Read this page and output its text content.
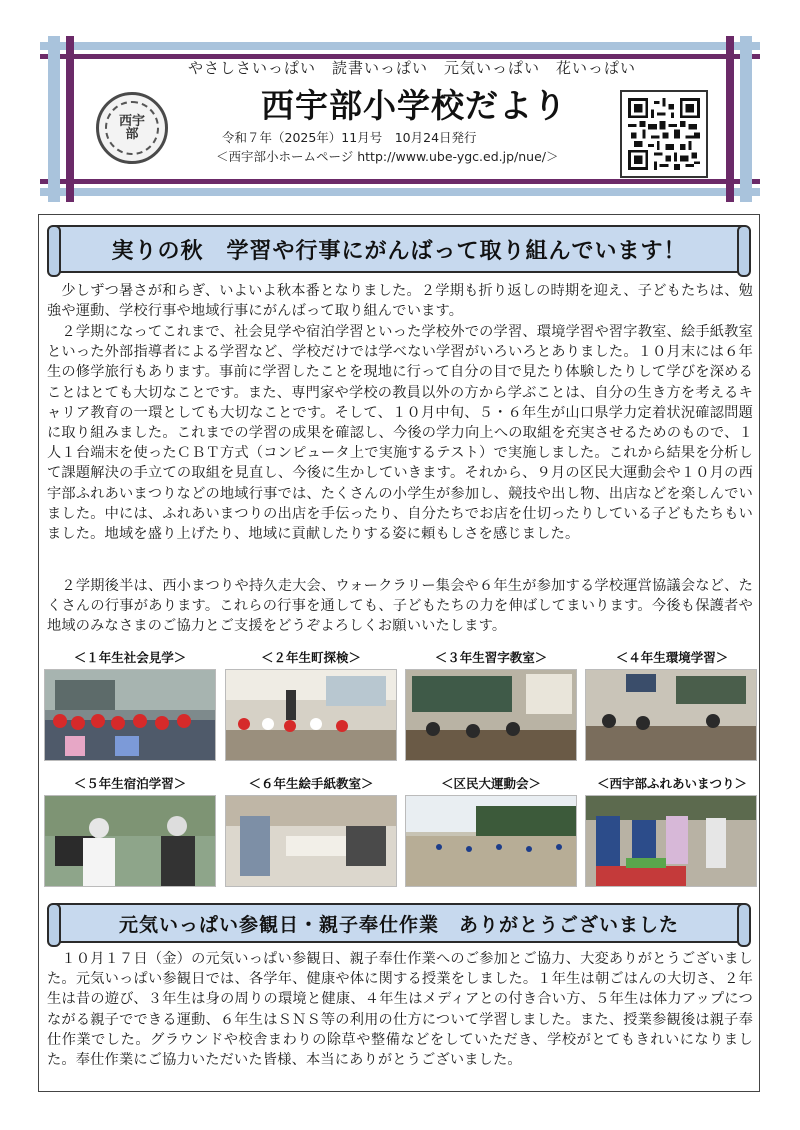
西宇部
やさしさいっぱい　読書いっぱい　元気いっぱい　花いっぱい
西宇部小学校だより
令和７年（2025年）11月号　10月24日発行
＜西宇部小ホームページ http://www.ube-ygc.ed.jp/nue/＞
実りの秋　学習や行事にがんばって取り組んでいます！

　少しずつ暑さが和らぎ、いよいよ秋本番となりました。２学期も折り返しの時期を迎え、子どもたちは、勉強や運動、学校行事や地域行事にがんばって取り組んでいます。

　２学期になってこれまで、社会見学や宿泊学習といった学校外での学習、環境学習や習字教室、絵手紙教室といった外部指導者による学習など、学校だけでは学べない学習がいろいろとありました。１０月末には６年生の修学旅行もあります。事前に学習したことを現地に行って自分の目で見たり体験したりして学びを深めることはとても大切なことです。また、専門家や学校の教員以外の方から学ぶことは、自分の生き方を考えるキャリア教育の一環としても大切なことです。そして、１０月中旬、５・６年生が山口県学力定着状況確認問題に取り組みました。これまでの学習の成果を確認し、今後の学力向上への取組を充実させるためのもので、１人１台端末を使ったＣＢＴ方式（コンピュータ上で実施するテスト）で実施しました。これから結果を分析して課題解決の手立ての取組を見直し、今後に生かしていきます。それから、９月の区民大運動会や１０月の西宇部ふれあいまつりなどの地域行事では、たくさんの小学生が参加し、競技や出し物、出店などを楽しんでいました。中には、ふれあいまつりの出店を手伝ったり、自分たちでお店を仕切ったりしている子どもたちもいました。地域を盛り上げたり、地域に貢献したりする姿に頼もしさを感じました。

　２学期後半は、西小まつりや持久走大会、ウォークラリー集会や６年生が参加する学校運営協議会など、たくさんの行事があります。これらの行事を通しても、子どもたちの力を伸ばしてまいります。今後も保護者や地域のみなさまのご協力とご支援をどうぞよろしくお願いいたします。

＜１年生社会見学＞	＜２年生町探検＞	＜３年生習字教室＞	＜４年生環境学習＞
＜５年生宿泊学習＞	＜６年生絵手紙教室＞	＜区民大運動会＞	＜西宇部ふれあいまつり＞
元気いっぱい参観日・親子奉仕作業　ありがとうございました

　１０月１７日（金）の元気いっぱい参観日、親子奉仕作業へのご参加とご協力、大変ありがとうございました。元気いっぱい参観日では、各学年、健康や体に関する授業をしました。１年生は朝ごはんの大切さ、２年生は昔の遊び、３年生は身の周りの環境と健康、４年生はメディアとの付き合い方、５年生は体力アップにつながる親子でできる運動、６年生はＳＮＳ等の利用の仕方について学習しました。また、授業参観後は親子奉仕作業でした。グラウンドや校舎まわりの除草や整備などをしていただき、学校がとてもきれいになりました。奉仕作業にご協力いただいた皆様、本当にありがとうございました。
